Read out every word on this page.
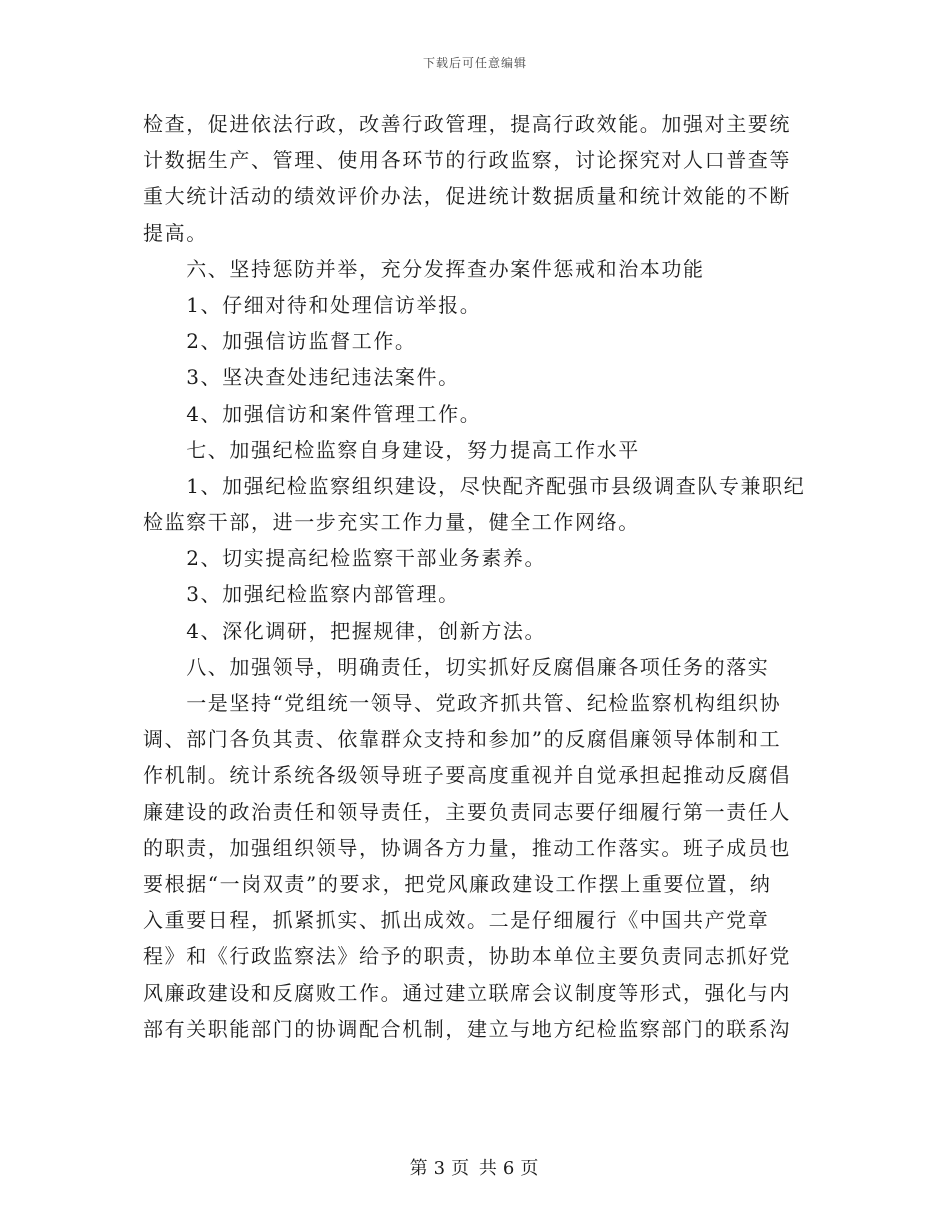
下载后可任意编辑
检查，促进依法行政，改善行政管理，提高行政效能。加强对主要统
计数据生产、管理、使用各环节的行政监察，讨论探究对人口普查等
重大统计活动的绩效评价办法，促进统计数据质量和统计效能的不断
提高。
　　六、坚持惩防并举，充分发挥查办案件惩戒和治本功能
　　1、仔细对待和处理信访举报。
　　2、加强信访监督工作。
　　3、坚决查处违纪违法案件。
　　4、加强信访和案件管理工作。
　　七、加强纪检监察自身建设，努力提高工作水平
　　1、加强纪检监察组织建设，尽快配齐配强市县级调查队专兼职纪
检监察干部，进一步充实工作力量，健全工作网络。
　　2、切实提高纪检监察干部业务素养。
　　3、加强纪检监察内部管理。
　　4、深化调研，把握规律，创新方法。
　　八、加强领导，明确责任，切实抓好反腐倡廉各项任务的落实
　　一是坚持“党组统一领导、党政齐抓共管、纪检监察机构组织协
调、部门各负其责、依靠群众支持和参加”的反腐倡廉领导体制和工
作机制。统计系统各级领导班子要高度重视并自觉承担起推动反腐倡
廉建设的政治责任和领导责任，主要负责同志要仔细履行第一责任人
的职责，加强组织领导，协调各方力量，推动工作落实。班子成员也
要根据“一岗双责”的要求，把党风廉政建设工作摆上重要位置，纳
入重要日程，抓紧抓实、抓出成效。二是仔细履行《中国共产党章
程》和《行政监察法》给予的职责，协助本单位主要负责同志抓好党
风廉政建设和反腐败工作。通过建立联席会议制度等形式，强化与内
部有关职能部门的协调配合机制，建立与地方纪检监察部门的联系沟
第 3 页 共 6 页
